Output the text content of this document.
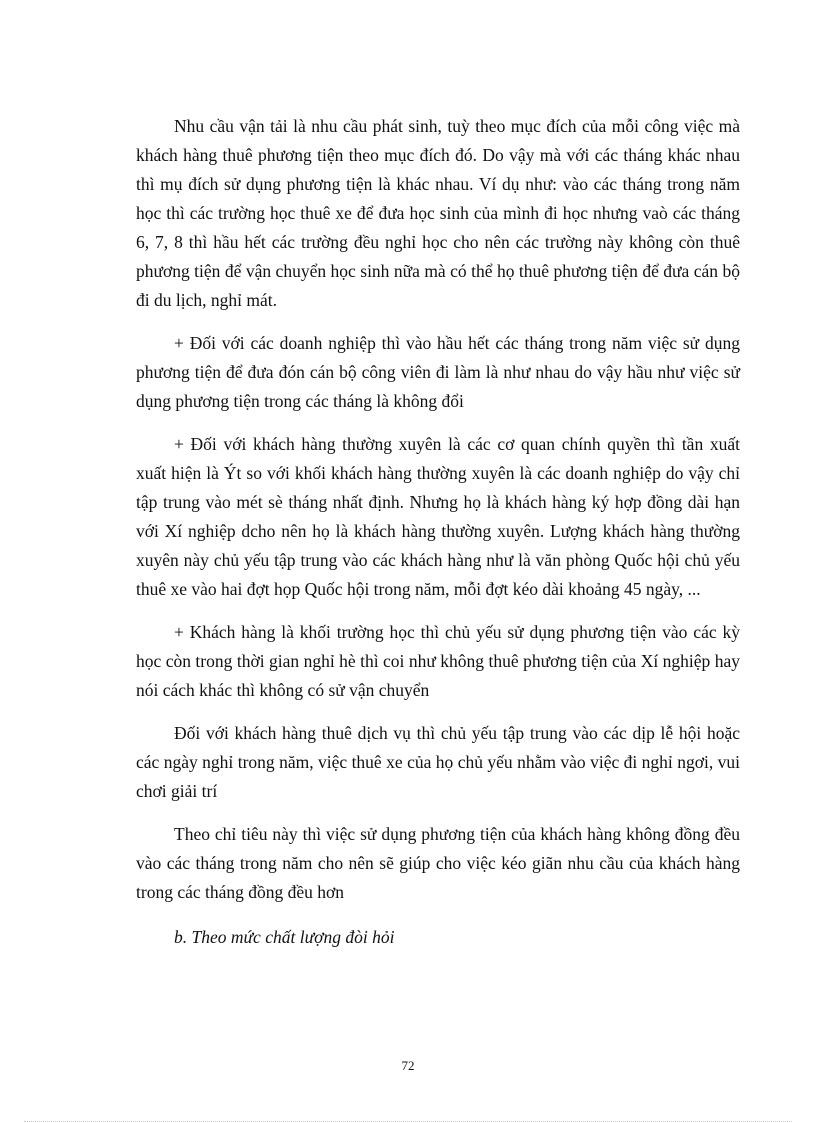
Nhu cầu vận tải là nhu cầu phát sinh, tuỳ theo mục đích của mỗi công việc mà khách hàng thuê phương tiện theo mục đích đó. Do vậy mà với các tháng khác nhau thì mụ đích sử dụng phương tiện là khác nhau. Ví dụ như: vào các tháng trong năm học thì các trường học thuê xe để đưa học sinh của mình đi học nhưng vaò các tháng 6, 7, 8 thì hầu hết các trường đều nghỉ học cho nên các trường này không còn thuê phương tiện để vận chuyển học sinh nữa mà có thể họ thuê phương tiện để đưa cán bộ đi du lịch, nghỉ mát.

+ Đối với các doanh nghiệp thì vào hầu hết các tháng trong năm việc sử dụng phương tiện để đưa đón cán bộ công viên đi làm là như nhau do vậy hầu như việc sử dụng phương tiện trong các tháng là không đổi

+ Đối với khách hàng thường xuyên là các cơ quan chính quyền thì tần xuất xuất hiện là Ýt so với khối khách hàng thường xuyên là các doanh nghiệp do vậy chỉ tập trung vào mét sè tháng nhất định. Nhưng họ là khách hàng ký hợp đồng dài hạn với Xí nghiệp dcho nên họ là khách hàng thường xuyên. Lượng khách hàng thường xuyên này chủ yếu tập trung vào các khách hàng như là văn phòng Quốc hội chủ yếu thuê xe vào hai đợt họp Quốc hội trong năm, mỗi đợt kéo dài khoảng 45 ngày, ...

+ Khách hàng là khối trường học thì chủ yếu sử dụng phương tiện vào các kỳ học còn trong thời gian nghỉ hè thì coi như không thuê phương tiện của Xí nghiệp hay nói cách khác thì không có sử vận chuyển

Đối với khách hàng thuê dịch vụ thì chủ yếu tập trung vào các dịp lễ hội hoặc các ngày nghỉ trong năm, việc thuê xe của họ chủ yếu nhằm vào việc đi nghỉ ngơi, vui chơi giải trí

Theo chỉ tiêu này thì việc sử dụng phương tiện của khách hàng không đồng đều vào các tháng trong năm cho nên sẽ giúp cho việc kéo giãn nhu cầu của khách hàng trong các tháng đồng đều hơn

b. Theo mức chất lượng đòi hỏi

72
